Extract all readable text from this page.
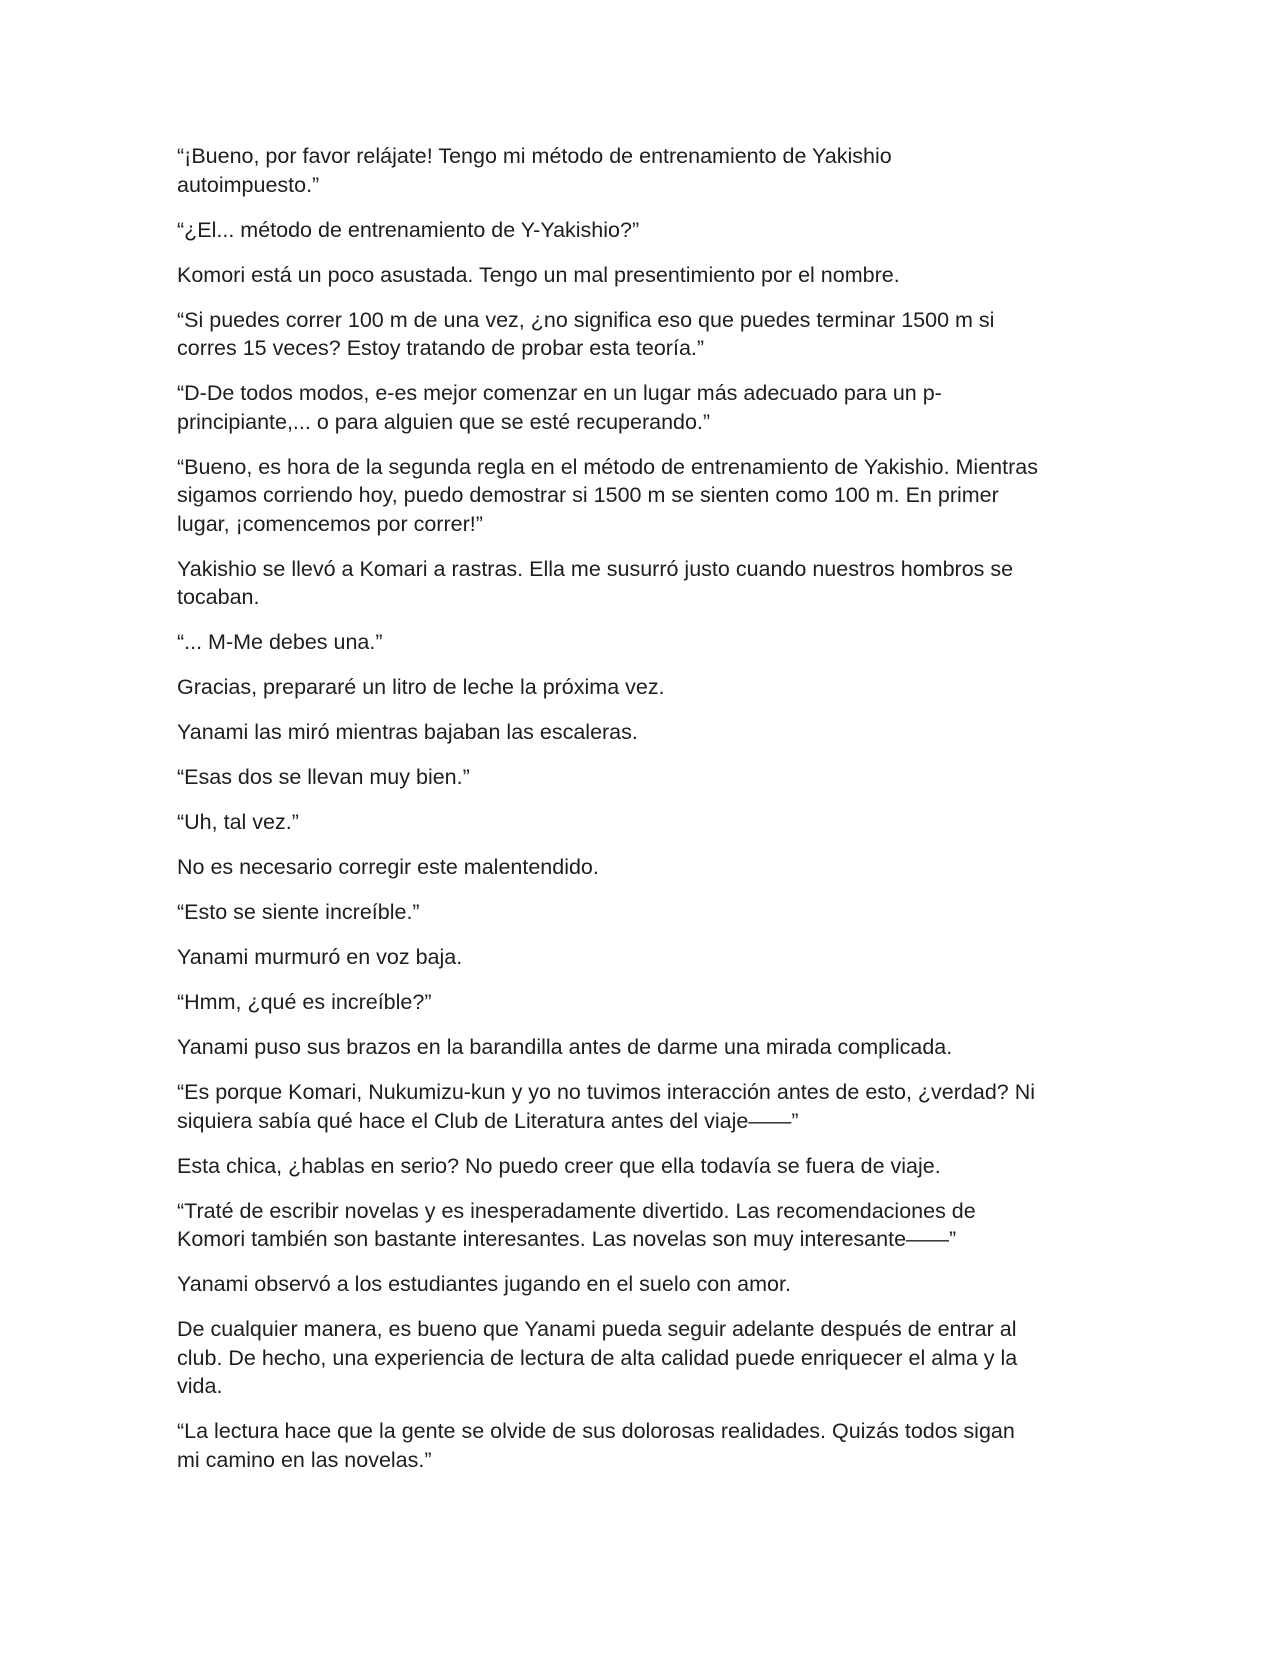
“¡Bueno, por favor relájate! Tengo mi método de entrenamiento de Yakishio
autoimpuesto.”

“¿El... método de entrenamiento de Y-Yakishio?”

Komori está un poco asustada. Tengo un mal presentimiento por el nombre.

“Si puedes correr 100 m de una vez, ¿no significa eso que puedes terminar 1500 m si
corres 15 veces? Estoy tratando de probar esta teoría.”

“D-De todos modos, e-es mejor comenzar en un lugar más adecuado para un p-
principiante,... o para alguien que se esté recuperando.”

“Bueno, es hora de la segunda regla en el método de entrenamiento de Yakishio. Mientras
sigamos corriendo hoy, puedo demostrar si 1500 m se sienten como 100 m. En primer
lugar, ¡comencemos por correr!”

Yakishio se llevó a Komari a rastras. Ella me susurró justo cuando nuestros hombros se
tocaban.

“... M-Me debes una.”

Gracias, prepararé un litro de leche la próxima vez.

Yanami las miró mientras bajaban las escaleras.

“Esas dos se llevan muy bien.”

“Uh, tal vez.”

No es necesario corregir este malentendido.

“Esto se siente increíble.”

Yanami murmuró en voz baja.

“Hmm, ¿qué es increíble?”

Yanami puso sus brazos en la barandilla antes de darme una mirada complicada.

“Es porque Komari, Nukumizu-kun y yo no tuvimos interacción antes de esto, ¿verdad? Ni
siquiera sabía qué hace el Club de Literatura antes del viaje——”

Esta chica, ¿hablas en serio? No puedo creer que ella todavía se fuera de viaje.

“Traté de escribir novelas y es inesperadamente divertido. Las recomendaciones de
Komori también son bastante interesantes. Las novelas son muy interesante——”

Yanami observó a los estudiantes jugando en el suelo con amor.

De cualquier manera, es bueno que Yanami pueda seguir adelante después de entrar al
club. De hecho, una experiencia de lectura de alta calidad puede enriquecer el alma y la
vida.

“La lectura hace que la gente se olvide de sus dolorosas realidades. Quizás todos sigan
mi camino en las novelas.”
